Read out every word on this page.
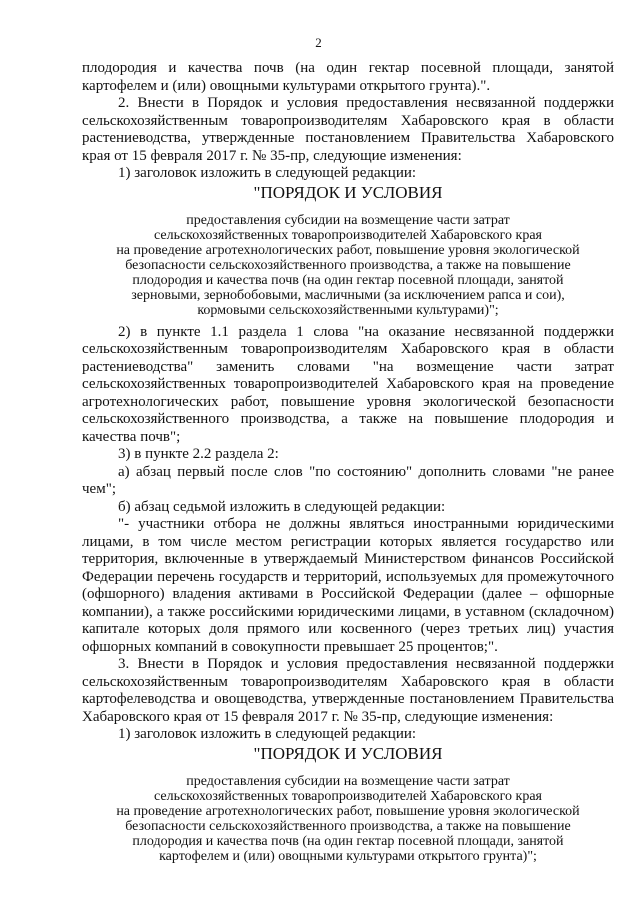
2

плодородия и качества почв (на один гектар посевной площади, занятой картофелем и (или) овощными культурами открытого грунта).".

2. Внести в Порядок и условия предоставления несвязанной поддержки сельскохозяйственным товаропроизводителям Хабаровского края в области растениеводства, утвержденные постановлением Правительства Хабаровского края от 15 февраля 2017 г. № 35-пр, следующие изменения:

1) заголовок изложить в следующей редакции:

"ПОРЯДОК И УСЛОВИЯ
предоставления субсидии на возмещение части затрат
сельскохозяйственных товаропроизводителей Хабаровского края
на проведение агротехнологических работ, повышение уровня экологической
безопасности сельскохозяйственного производства, а также на повышение
плодородия и качества почв (на один гектар посевной площади, занятой
зерновыми, зернобобовыми, масличными (за исключением рапса и сои),
кормовыми сельскохозяйственными культурами)";

2) в пункте 1.1 раздела 1 слова "на оказание несвязанной поддержки сельскохозяйственным товаропроизводителям Хабаровского края в области растениеводства" заменить словами "на возмещение части затрат сельскохозяйственных товаропроизводителей Хабаровского края на проведение агротехнологических работ, повышение уровня экологической безопасности сельскохозяйственного производства, а также на повышение плодородия и качества почв";

3) в пункте 2.2 раздела 2:

а) абзац первый после слов "по состоянию" дополнить словами "не ранее чем";

б) абзац седьмой изложить в следующей редакции:

"- участники отбора не должны являться иностранными юридическими лицами, в том числе местом регистрации которых является государство или территория, включенные в утверждаемый Министерством финансов Российской Федерации перечень государств и территорий, используемых для промежуточного (офшорного) владения активами в Российской Федерации (далее – офшорные компании), а также российскими юридическими лицами, в уставном (складочном) капитале которых доля прямого или косвенного (через третьих лиц) участия офшорных компаний в совокупности превышает 25 процентов;".

3. Внести в Порядок и условия предоставления несвязанной поддержки сельскохозяйственным товаропроизводителям Хабаровского края в области картофелеводства и овощеводства, утвержденные постановлением Правительства Хабаровского края от 15 февраля 2017 г. № 35-пр, следующие изменения:

1) заголовок изложить в следующей редакции:

"ПОРЯДОК И УСЛОВИЯ
предоставления субсидии на возмещение части затрат
сельскохозяйственных товаропроизводителей Хабаровского края
на проведение агротехнологических работ, повышение уровня экологической
безопасности сельскохозяйственного производства, а также на повышение
плодородия и качества почв (на один гектар посевной площади, занятой
картофелем и (или) овощными культурами открытого грунта)";
